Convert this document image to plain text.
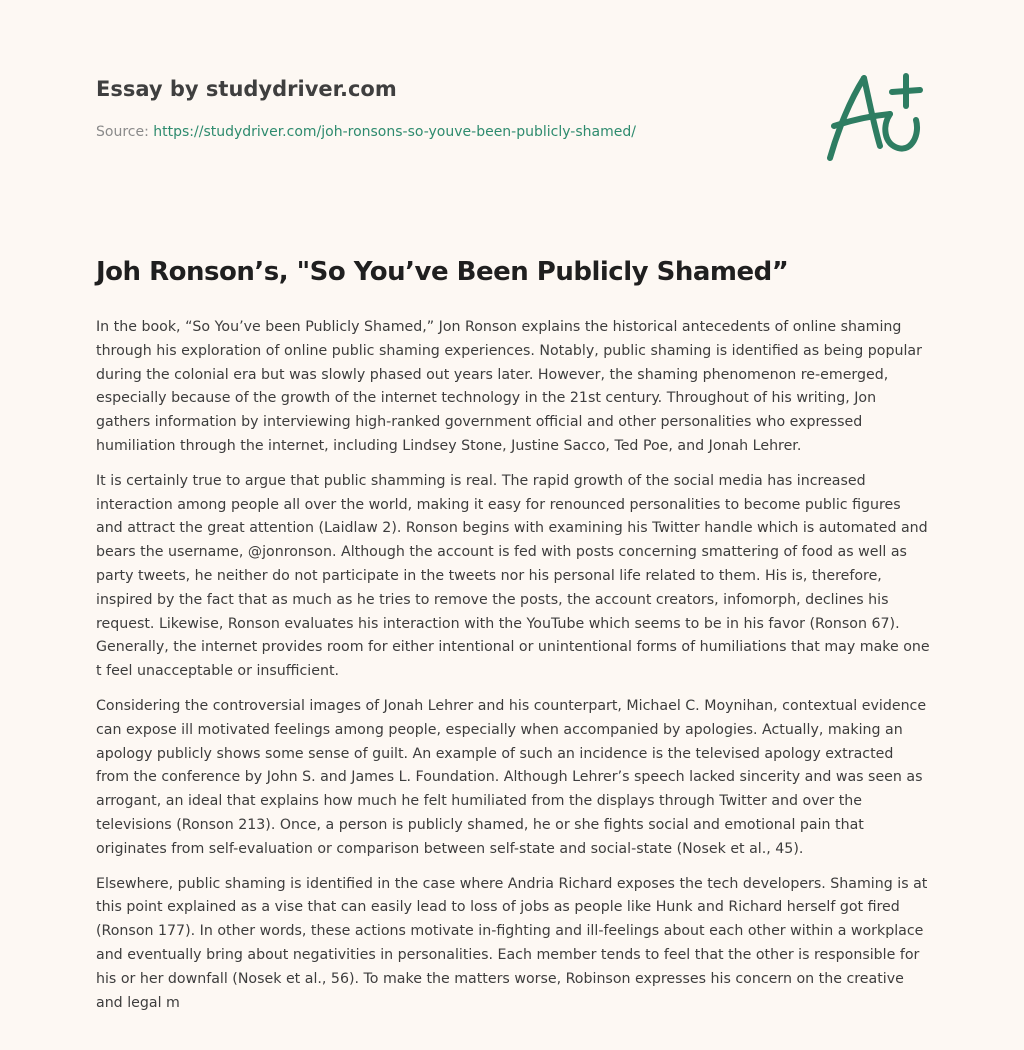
Essay by studydriver.com
Source: https://studydriver.com/joh-ronsons-so-youve-been-publicly-shamed/
Joh Ronson’s, "So You’ve Been Publicly Shamed”

In the book, “So You’ve been Publicly Shamed,” Jon Ronson explains the historical antecedents of online shaming through his exploration of online public shaming experiences. Notably, public shaming is identified as being popular during the colonial era but was slowly phased out years later. However, the shaming phenomenon re-emerged, especially because of the growth of the internet technology in the 21st century. Throughout of his writing, Jon gathers information by interviewing high-ranked government official and other personalities who expressed humiliation through the internet, including Lindsey Stone, Justine Sacco, Ted Poe, and Jonah Lehrer.

It is certainly true to argue that public shamming is real. The rapid growth of the social media has increased interaction among people all over the world, making it easy for renounced personalities to become public figures and attract the great attention (Laidlaw 2). Ronson begins with examining his Twitter handle which is automated and bears the username, @jonronson. Although the account is fed with posts concerning smattering of food as well as party tweets, he neither do not participate in the tweets nor his personal life related to them. His is, therefore, inspired by the fact that as much as he tries to remove the posts, the account creators, infomorph, declines his request. Likewise, Ronson evaluates his interaction with the YouTube which seems to be in his favor (Ronson 67). Generally, the internet provides room for either intentional or unintentional forms of humiliations that may make one t feel unacceptable or insufficient.

Considering the controversial images of Jonah Lehrer and his counterpart, Michael C. Moynihan, contextual evidence can expose ill motivated feelings among people, especially when accompanied by apologies. Actually, making an apology publicly shows some sense of guilt. An example of such an incidence is the televised apology extracted from the conference by John S. and James L. Foundation. Although Lehrer’s speech lacked sincerity and was seen as arrogant, an ideal that explains how much he felt humiliated from the displays through Twitter and over the televisions (Ronson 213). Once, a person is publicly shamed, he or she fights social and emotional pain that originates from self-evaluation or comparison between self-state and social-state (Nosek et al., 45).

Elsewhere, public shaming is identified in the case where Andria Richard exposes the tech developers. Shaming is at this point explained as a vise that can easily lead to loss of jobs as people like Hunk and Richard herself got fired (Ronson 177). In other words, these actions motivate in-fighting and ill-feelings about each other within a workplace and eventually bring about negativities in personalities. Each member tends to feel that the other is responsible for his or her downfall (Nosek et al., 56). To make the matters worse, Robinson expresses his concern on the creative and legal m
